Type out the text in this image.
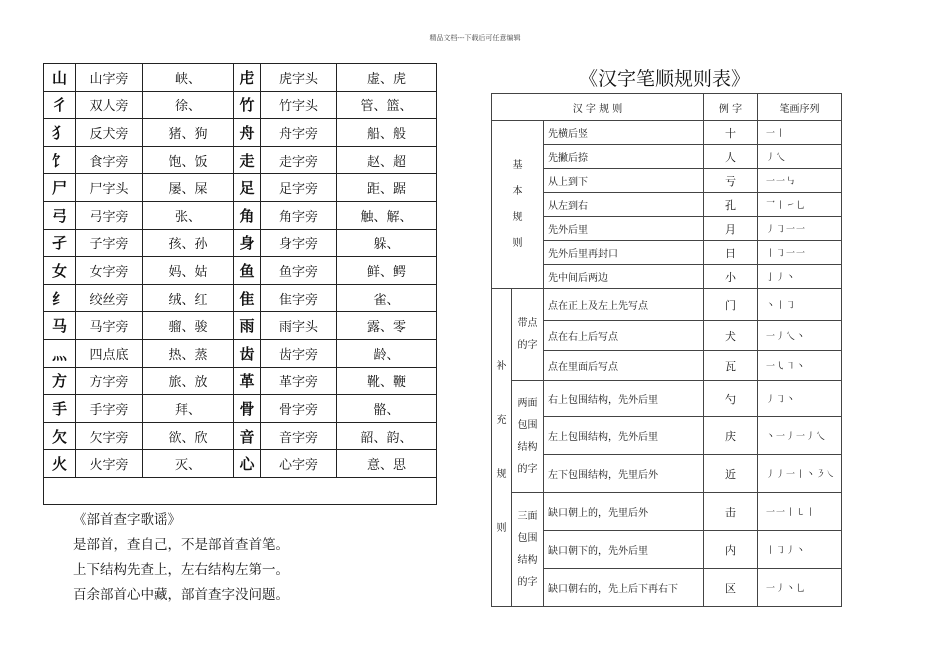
精品文档---下载后可任意编辑
山	山字旁	峡、	虍	虎字头	虚、虎
彳	双人旁	徐、	竹	竹字头	管、篮、
犭	反犬旁	猪、狗	舟	舟字旁	船、般
饣	食字旁	饱、饭	走	走字旁	赵、超
尸	尸字头	屡、屎	足	足字旁	距、踞
弓	弓字旁	张、	角	角字旁	触、解、
孑	子字旁	孩、孙	身	身字旁	躲、
女	女字旁	妈、姑	鱼	鱼字旁	鲜、鳄
纟	绞丝旁	绒、红	隹	隹字旁	雀、
马	马字旁	骝、骏	雨	雨字头	露、零
灬	四点底	热、蒸	齿	齿字旁	龄、
方	方字旁	旅、放	革	革字旁	靴、鞭
手	手字旁	拜、	骨	骨字旁	骼、
欠	欠字旁	欲、欣	音	音字旁	韶、韵、
火	火字旁	灭、	心	心字旁	意、思

《部首查字歌谣》
是部首，查自己，不是部首查首笔。
上下结构先查上，左右结构左第一。
百余部首心中藏，部首查字没问题。
《汉字笔顺规则表》
汉 字 规 则			例 字	笔画序列

基
本
规
则		先横后竖	十	一丨
		先撇后捺	人	丿乀
		从上到下	亏	一一㇉
		从左到右	孔	乛丨㇀乚
		先外后里	月	丿㇆一一
		先外后里再封口	日	丨㇆一一
		先中间后两边	小	亅丿丶

补
充
规
则	带点的字	点在正上及左上先写点	门	丶丨㇆
		点在右上后写点	犬	一丿乀丶
		点在里面后写点	瓦	一㇂㇕丶
	两面包围结构的字	右上包围结构，先外后里	勺	丿㇆丶
		左上包围结构，先外后里	庆	丶一丿一丿乀
		左下包围结构，先里后外	近	丿丿一丨丶㇋㇏
	三面包围结构的字	缺口朝上的，先里后外	击	一一丨㇄丨
		缺口朝下的，先外后里	内	丨㇆丿丶
		缺口朝右的，先上后下再右下	区	一丿丶乚
